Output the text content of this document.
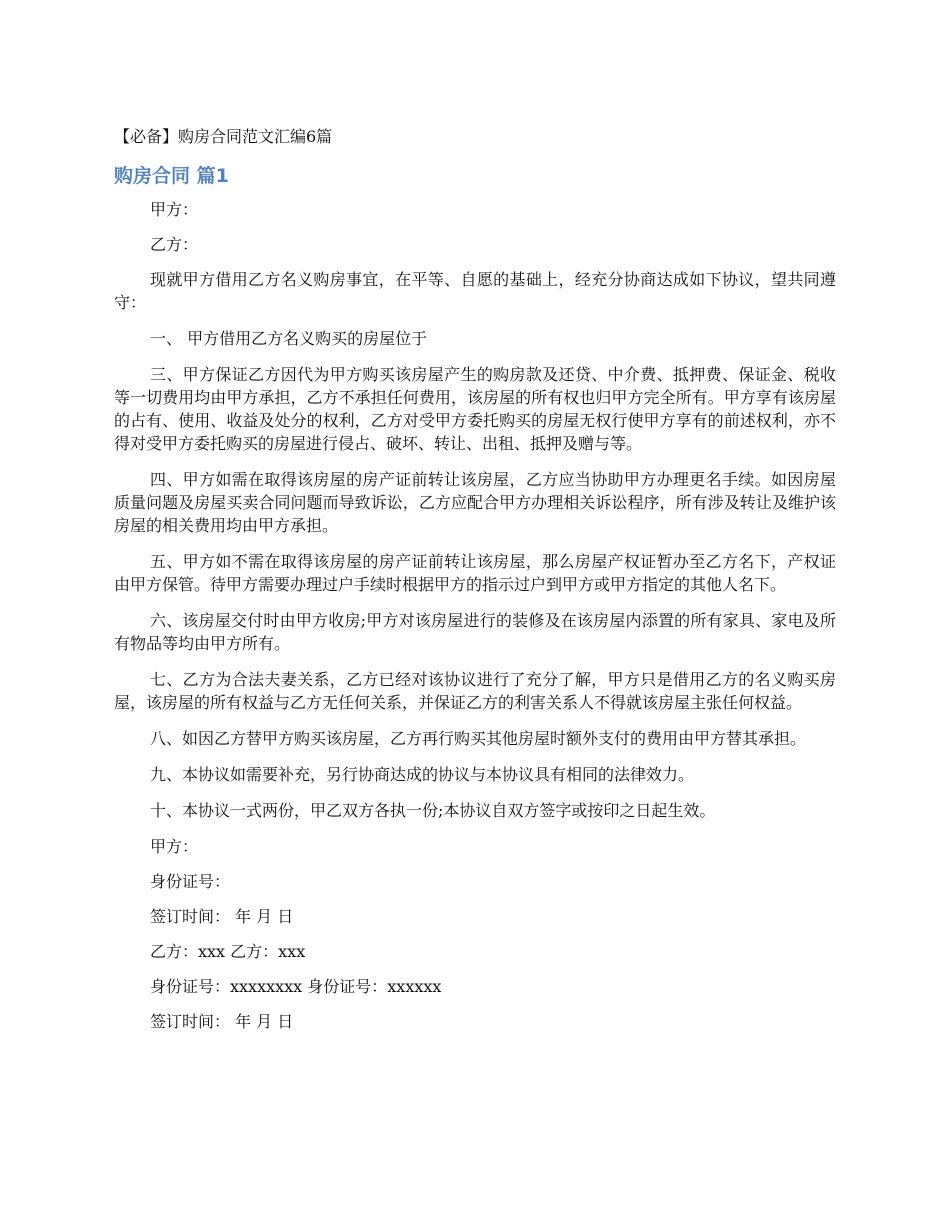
【必备】购房合同范文汇编6篇
购房合同 篇1

甲方：

乙方：

现就甲方借用乙方名义购房事宜，在平等、自愿的基础上，经充分协商达成如下协议，望共同遵守：

一、 甲方借用乙方名义购买的房屋位于

三、甲方保证乙方因代为甲方购买该房屋产生的购房款及还贷、中介费、抵押费、保证金、税收等一切费用均由甲方承担，乙方不承担任何费用，该房屋的所有权也归甲方完全所有。甲方享有该房屋的占有、使用、收益及处分的权利，乙方对受甲方委托购买的房屋无权行使甲方享有的前述权利，亦不得对受甲方委托购买的房屋进行侵占、破坏、转让、出租、抵押及赠与等。

四、甲方如需在取得该房屋的房产证前转让该房屋，乙方应当协助甲方办理更名手续。如因房屋质量问题及房屋买卖合同问题而导致诉讼，乙方应配合甲方办理相关诉讼程序，所有涉及转让及维护该房屋的相关费用均由甲方承担。

五、甲方如不需在取得该房屋的房产证前转让该房屋，那么房屋产权证暂办至乙方名下，产权证由甲方保管。待甲方需要办理过户手续时根据甲方的指示过户到甲方或甲方指定的其他人名下。

六、该房屋交付时由甲方收房;甲方对该房屋进行的装修及在该房屋内添置的所有家具、家电及所有物品等均由甲方所有。

七、乙方为合法夫妻关系，乙方已经对该协议进行了充分了解，甲方只是借用乙方的名义购买房屋，该房屋的所有权益与乙方无任何关系，并保证乙方的利害关系人不得就该房屋主张任何权益。

八、如因乙方替甲方购买该房屋，乙方再行购买其他房屋时额外支付的费用由甲方替其承担。

九、本协议如需要补充，另行协商达成的协议与本协议具有相同的法律效力。

十、本协议一式两份，甲乙双方各执一份;本协议自双方签字或按印之日起生效。

甲方：

身份证号：

签订时间： 年 月 日

乙方：xxx 乙方：xxx

身份证号：xxxxxxxx 身份证号：xxxxxx

签订时间： 年 月 日
